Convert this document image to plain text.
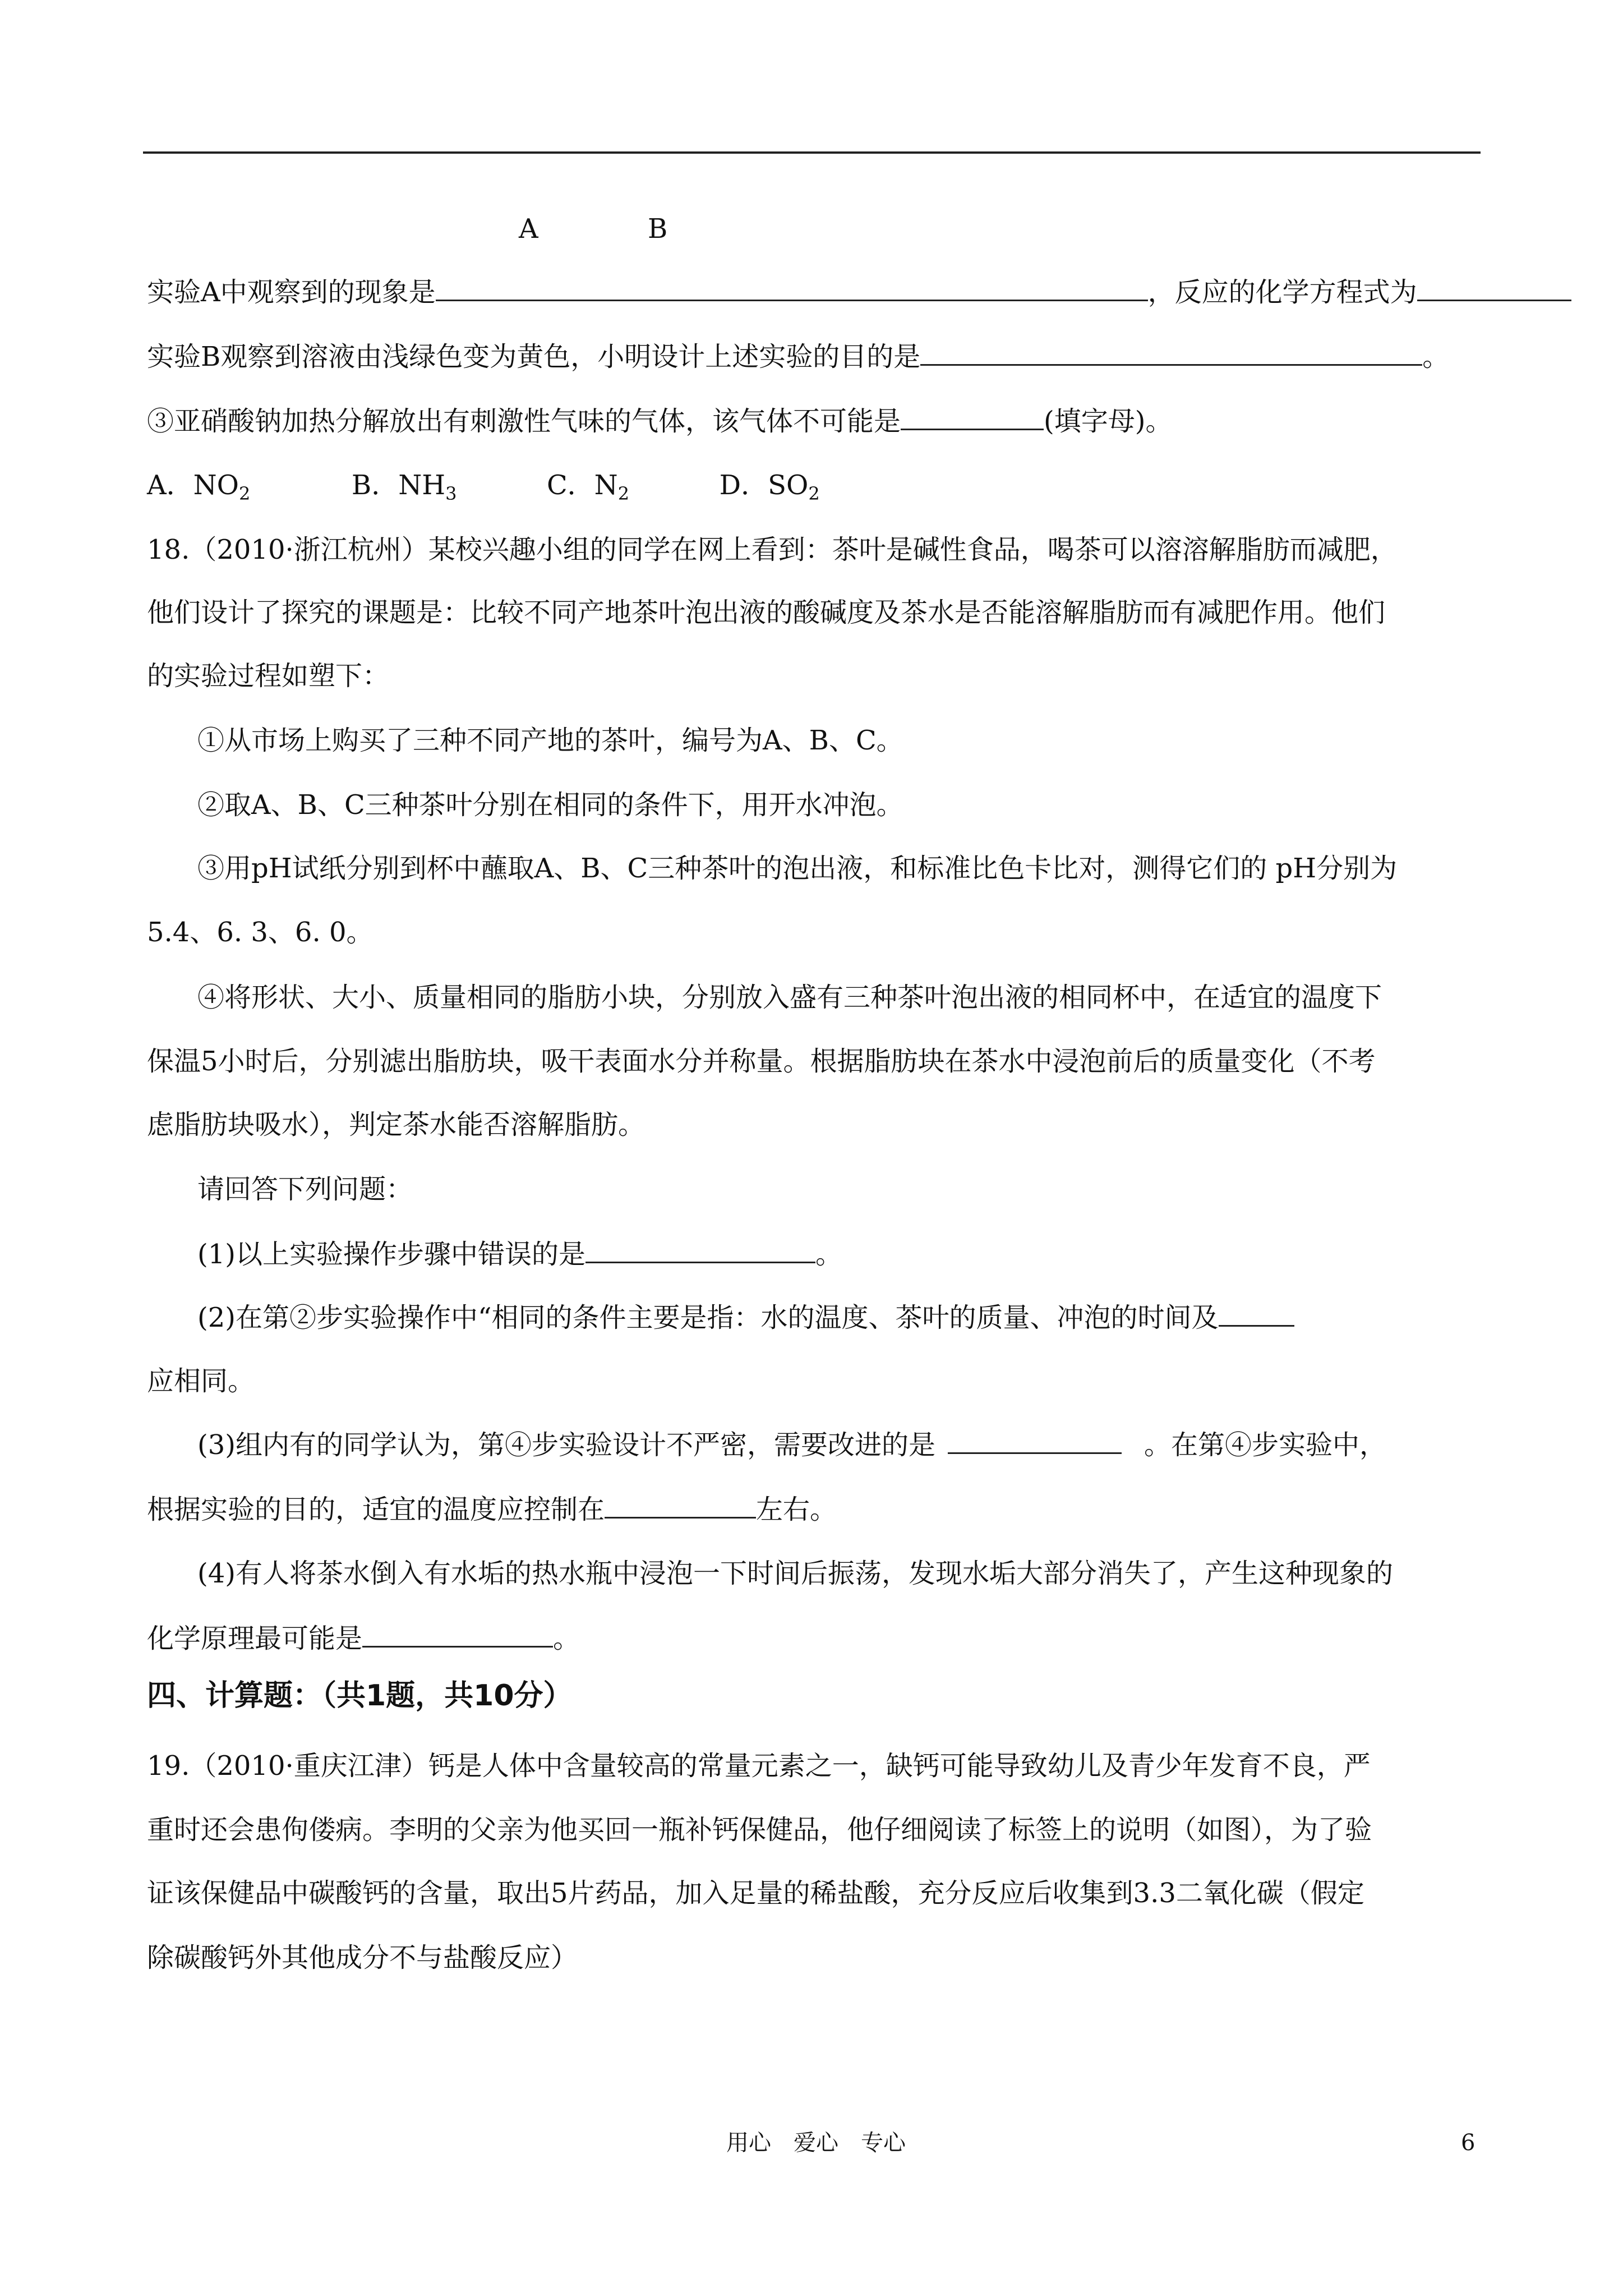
A	B
实验A中观察到的现象是	，反应的化学方程式为
实验B观察到溶液由浅绿色变为黄色，小明设计上述实验的目的是	。
③亚硝酸钠加热分解放出有刺激性气味的气体，该气体不可能是	(填字母)。
A．$NO_2$	B．$NH_3$	C．$N_2$	D．$SO_2$
18.（2010·浙江杭州）某校兴趣小组的同学在网上看到：茶叶是碱性食品，喝茶可以溶溶解脂肪而减肥，
他们设计了探究的课题是：比较不同产地茶叶泡出液的酸碱度及茶水是否能溶解脂肪而有减肥作用。他们
的实验过程如塑下：
①从市场上购买了三种不同产地的茶叶，编号为A、B、C。
②取A、B、C三种茶叶分别在相同的条件下，用开水冲泡。
③用pH试纸分别到杯中蘸取A、B、C三种茶叶的泡出液，和标准比色卡比对，测得它们的 pH分别为
5.4、6. 3、6. 0。
④将形状、大小、质量相同的脂肪小块，分别放入盛有三种茶叶泡出液的相同杯中，在适宜的温度下
保温5小时后，分别滤出脂肪块，吸干表面水分并称量。根据脂肪块在茶水中浸泡前后的质量变化（不考
虑脂肪块吸水），判定茶水能否溶解脂肪。
请回答下列问题：
(1)以上实验操作步骤中错误的是	。
(2)在第②步实验操作中“相同的条件主要是指：水的温度、茶叶的质量、冲泡的时间及
应相同。
(3)组内有的同学认为，第④步实验设计不严密，需要改进的是	。在第④步实验中，
根据实验的目的，适宜的温度应控制在	左右。
(4)有人将茶水倒入有水垢的热水瓶中浸泡一下时间后振荡，发现水垢大部分消失了，产生这种现象的
化学原理最可能是	。
四、计算题：（共1题，共10分）
19.（2010·重庆江津）钙是人体中含量较高的常量元素之一，缺钙可能导致幼儿及青少年发育不良，严
重时还会患佝偻病。李明的父亲为他买回一瓶补钙保健品，他仔细阅读了标签上的说明（如图），为了验
证该保健品中碳酸钙的含量，取出5片药品，加入足量的稀盐酸，充分反应后收集到3.3二氧化碳（假定
除碳酸钙外其他成分不与盐酸反应）
用心　爱心　专心	6
